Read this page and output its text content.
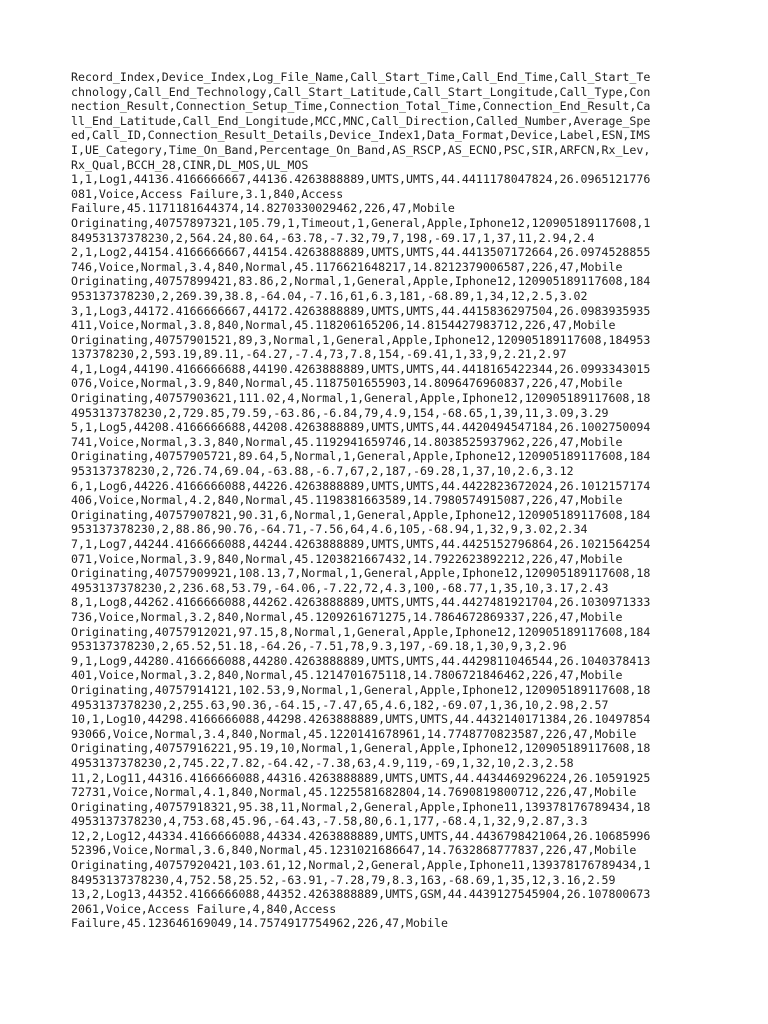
Record_Index,Device_Index,Log_File_Name,Call_Start_Time,Call_End_Time,Call_Start_Te
chnology,Call_End_Technology,Call_Start_Latitude,Call_Start_Longitude,Call_Type,Con
nection_Result,Connection_Setup_Time,Connection_Total_Time,Connection_End_Result,Ca
ll_End_Latitude,Call_End_Longitude,MCC,MNC,Call_Direction,Called_Number,Average_Spe
ed,Call_ID,Connection_Result_Details,Device_Index1,Data_Format,Device,Label,ESN,IMS
I,UE_Category,Time_On_Band,Percentage_On_Band,AS_RSCP,AS_ECNO,PSC,SIR,ARFCN,Rx_Lev,
Rx_Qual,BCCH_28,CINR,DL_MOS,UL_MOS
1,1,Log1,44136.4166666667,44136.4263888889,UMTS,UMTS,44.4411178047824,26.0965121776
081,Voice,Access Failure,3.1,840,Access
Failure,45.1171181644374,14.8270330029462,226,47,Mobile
Originating,40757897321,105.79,1,Timeout,1,General,Apple,Iphone12,120905189117608,1
84953137378230,2,564.24,80.64,-63.78,-7.32,79,7,198,-69.17,1,37,11,2.94,2.4
2,1,Log2,44154.4166666667,44154.4263888889,UMTS,UMTS,44.4413507172664,26.0974528855
746,Voice,Normal,3.4,840,Normal,45.1176621648217,14.8212379006587,226,47,Mobile
Originating,40757899421,83.86,2,Normal,1,General,Apple,Iphone12,120905189117608,184
953137378230,2,269.39,38.8,-64.04,-7.16,61,6.3,181,-68.89,1,34,12,2.5,3.02
3,1,Log3,44172.4166666667,44172.4263888889,UMTS,UMTS,44.4415836297504,26.0983935935
411,Voice,Normal,3.8,840,Normal,45.118206165206,14.8154427983712,226,47,Mobile
Originating,40757901521,89,3,Normal,1,General,Apple,Iphone12,120905189117608,184953
137378230,2,593.19,89.11,-64.27,-7.4,73,7.8,154,-69.41,1,33,9,2.21,2.97
4,1,Log4,44190.4166666688,44190.4263888889,UMTS,UMTS,44.4418165422344,26.0993343015
076,Voice,Normal,3.9,840,Normal,45.1187501655903,14.8096476960837,226,47,Mobile
Originating,40757903621,111.02,4,Normal,1,General,Apple,Iphone12,120905189117608,18
4953137378230,2,729.85,79.59,-63.86,-6.84,79,4.9,154,-68.65,1,39,11,3.09,3.29
5,1,Log5,44208.4166666688,44208.4263888889,UMTS,UMTS,44.4420494547184,26.1002750094
741,Voice,Normal,3.3,840,Normal,45.1192941659746,14.8038525937962,226,47,Mobile
Originating,40757905721,89.64,5,Normal,1,General,Apple,Iphone12,120905189117608,184
953137378230,2,726.74,69.04,-63.88,-6.7,67,2,187,-69.28,1,37,10,2.6,3.12
6,1,Log6,44226.4166666088,44226.4263888889,UMTS,UMTS,44.4422823672024,26.1012157174
406,Voice,Normal,4.2,840,Normal,45.1198381663589,14.7980574915087,226,47,Mobile
Originating,40757907821,90.31,6,Normal,1,General,Apple,Iphone12,120905189117608,184
953137378230,2,88.86,90.76,-64.71,-7.56,64,4.6,105,-68.94,1,32,9,3.02,2.34
7,1,Log7,44244.4166666088,44244.4263888889,UMTS,UMTS,44.4425152796864,26.1021564254
071,Voice,Normal,3.9,840,Normal,45.1203821667432,14.7922623892212,226,47,Mobile
Originating,40757909921,108.13,7,Normal,1,General,Apple,Iphone12,120905189117608,18
4953137378230,2,236.68,53.79,-64.06,-7.22,72,4.3,100,-68.77,1,35,10,3.17,2.43
8,1,Log8,44262.4166666088,44262.4263888889,UMTS,UMTS,44.4427481921704,26.1030971333
736,Voice,Normal,3.2,840,Normal,45.1209261671275,14.7864672869337,226,47,Mobile
Originating,40757912021,97.15,8,Normal,1,General,Apple,Iphone12,120905189117608,184
953137378230,2,65.52,51.18,-64.26,-7.51,78,9.3,197,-69.18,1,30,9,3,2.96
9,1,Log9,44280.4166666088,44280.4263888889,UMTS,UMTS,44.4429811046544,26.1040378413
401,Voice,Normal,3.2,840,Normal,45.1214701675118,14.7806721846462,226,47,Mobile
Originating,40757914121,102.53,9,Normal,1,General,Apple,Iphone12,120905189117608,18
4953137378230,2,255.63,90.36,-64.15,-7.47,65,4.6,182,-69.07,1,36,10,2.98,2.57
10,1,Log10,44298.4166666088,44298.4263888889,UMTS,UMTS,44.4432140171384,26.10497854
93066,Voice,Normal,3.4,840,Normal,45.1220141678961,14.7748770823587,226,47,Mobile
Originating,40757916221,95.19,10,Normal,1,General,Apple,Iphone12,120905189117608,18
4953137378230,2,745.22,7.82,-64.42,-7.38,63,4.9,119,-69,1,32,10,2.3,2.58
11,2,Log11,44316.4166666088,44316.4263888889,UMTS,UMTS,44.4434469296224,26.10591925
72731,Voice,Normal,4.1,840,Normal,45.1225581682804,14.7690819800712,226,47,Mobile
Originating,40757918321,95.38,11,Normal,2,General,Apple,Iphone11,139378176789434,18
4953137378230,4,753.68,45.96,-64.43,-7.58,80,6.1,177,-68.4,1,32,9,2.87,3.3
12,2,Log12,44334.4166666088,44334.4263888889,UMTS,UMTS,44.4436798421064,26.10685996
52396,Voice,Normal,3.6,840,Normal,45.1231021686647,14.7632868777837,226,47,Mobile
Originating,40757920421,103.61,12,Normal,2,General,Apple,Iphone11,139378176789434,1
84953137378230,4,752.58,25.52,-63.91,-7.28,79,8.3,163,-68.69,1,35,12,3.16,2.59
13,2,Log13,44352.4166666088,44352.4263888889,UMTS,GSM,44.4439127545904,26.107800673
2061,Voice,Access Failure,4,840,Access
Failure,45.123646169049,14.7574917754962,226,47,Mobile
